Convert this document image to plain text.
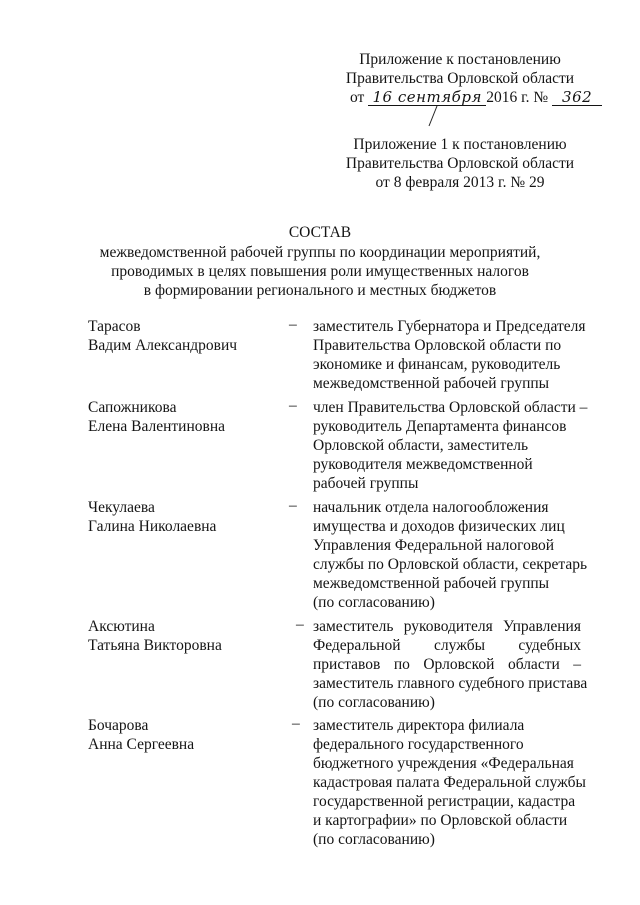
Приложение к постановлению
Правительства Орловской области
от 16 сентября 2016 г. № 362
Приложение 1 к постановлению
Правительства Орловской области
от 8 февраля 2013 г. № 29
СОСТАВ
межведомственной рабочей группы по координации мероприятий,
проводимых в целях повышения роли имущественных налогов
в формировании регионального и местных бюджетов
Тарасов
Вадим Александрович
– заместитель Губернатора и Председателя
Правительства Орловской области по
экономике и финансам, руководитель
межведомственной рабочей группы
Сапожникова
Елена Валентиновна
– член Правительства Орловской области –
руководитель Департамента финансов
Орловской области, заместитель
руководителя межведомственной
рабочей группы
Чекулаева
Галина Николаевна
– начальник отдела налогообложения
имущества и доходов физических лиц
Управления Федеральной налоговой
службы по Орловской области, секретарь
межведомственной рабочей группы
(по согласованию)
Аксютина
Татьяна Викторовна
– заместитель руководителя Управления
Федеральной службы судебных
приставов по Орловской области –
заместитель главного судебного пристава
(по согласованию)
Бочарова
Анна Сергеевна
– заместитель директора филиала
федерального государственного
бюджетного учреждения «Федеральная
кадастровая палата Федеральной службы
государственной регистрации, кадастра
и картографии» по Орловской области
(по согласованию)
